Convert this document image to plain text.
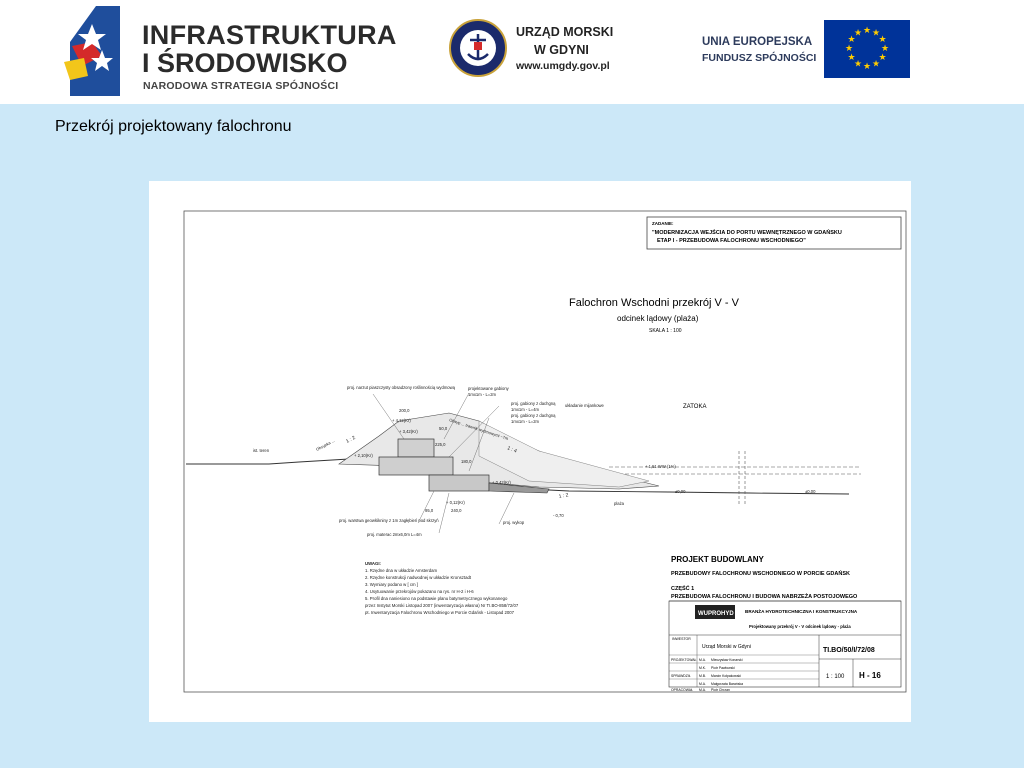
INFRASTRUKTURA
I ŚRODOWISKO
NARODOWA STRATEGIA SPÓJNOŚCI
URZĄD MORSKI
W GDYNI
www.umgdy.gov.pl
UNIA EUROPEJSKA
FUNDUSZ SPÓJNOŚCI
★ ★
★
★
★
★
★
★
★
★
★
★
Przekrój projektowany falochronu
ZADANIE:
"MODERNIZACJA WEJŚCIA DO PORTU WEWNĘTRZNEGO W GDAŃSKU
ETAP I - PRZEBUDOWA FALOCHRONU WSCHODNIEGO"
Falochron Wschodni przekrój V - V
odcinek lądowy (plaża)
SKALA 1 : 100
ZATOKA
ist. teren
proj. narzut piaszczysty obsadzony roślinnością wydmową	projektowane gabiony
1mx1m - L=2m
proj. gabiony z dachgną
1mx1m - L=4m
układanie mijankowe
proj. gabiony z dachgną
1mx1m - L=2m
200,0
+ 4,12(Kr)
50,0
+ 3,42(Kr)
225,0
+ 2,10(Kr)
180,0
+ 0,42(Kr)
+ 0,12(Kr)
95,0	240,0
- 0,70
+ 1,51 WW (1%)
±0,00	±0,00
plaża
proj. warstwa geowłókniny z 1m zagłębień pod skrzyń	proj. wykop
proj. materac 2mx6,0m L=4m
1 : 2
1 : 4
1 : 2
Obsypka ...
Obsyp ... trawnik wydmowymi ~7m
UWAGI:
1. Rzędne dna w układzie Amsterdam
2. Rzędne konstrukcji nadwodnej w układzie Kronsztadt
3. Wymiary podano w [ cm ]
4. Usytuowanie przekrojów pokazano na rys. nr H-2 i H-6
5. Profil dna naniesiono na podstawie planu batymetrycznego wykonanego
przez Instytut Morski Listopad 2007 (inwentaryzacja własna) Nr TI.BO-858/72/07
pt. Inwentaryzacja Falochronu Wschodniego w Porcie Gdańsk - Listopad 2007
PROJEKT BUDOWLANY
PRZEBUDOWY FALOCHRONU WSCHODNIEGO W PORCIE GDAŃSK
CZĘŚĆ 1
PRZEBUDOWA FALOCHRONU I BUDOWA NABRZEŻA POSTOJOWEGO
WUPROHYD BRANŻA HYDROTECHNICZNA I KONSTRUKCYJNA
Projektowany przekrój V - V odcinek lądowy - plaża
INWESTOR
Urząd Morski w Gdyni	TI.BO/50/I/72/08
1 : 100 H - 16
PROJEKTOWAŁ M.A. Mieczysław Konarski
M.K. Piotr Pawłowski
SPRAWDZIŁ M.B. Marcin Kołpakowski
M.A. Małgorzata Barańska
OPRACOWAŁ M.A. Piotr Chrzan
